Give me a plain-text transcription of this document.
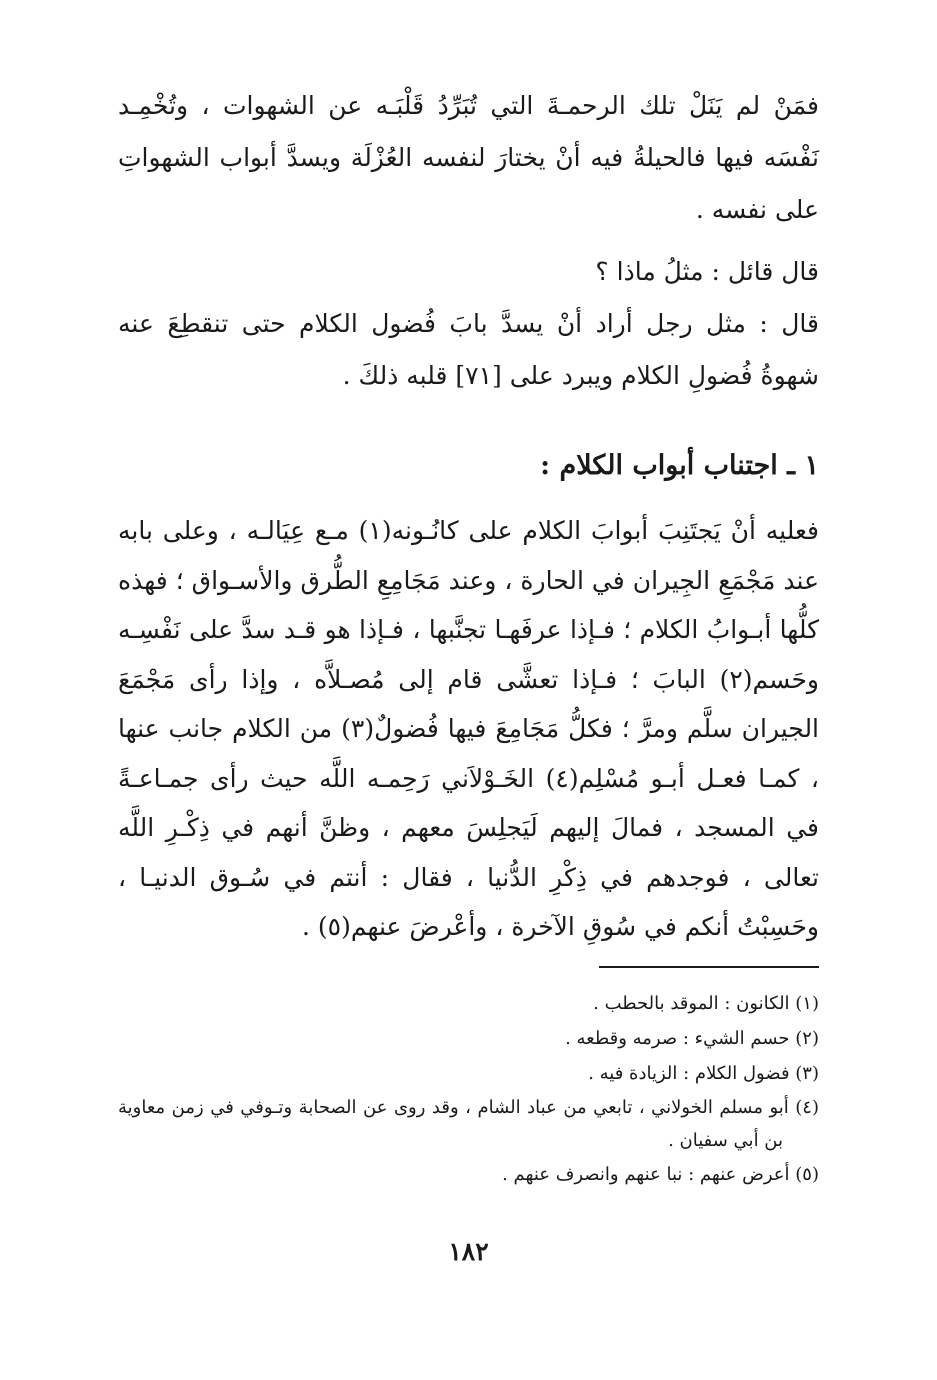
فمَنْ لم يَنَلْ تلك الرحمـةَ التي تُبَرِّدُ قَلْبَـه عن الشهوات ، وتُخْمِـد نَفْسَه فيها فالحيلةُ فيه أنْ يختارَ لنفسه العُزْلَة ويسدَّ أبواب الشهواتِ على نفسه .

قال قائل : مثلُ ماذا ؟

قال : مثل رجل أراد أنْ يسدَّ بابَ فُضول الكلام حتى تنقطِعَ عنه شهوةُ فُضولِ الكلام ويبرد على [٧١] قلبه ذلكَ .

١ ـ اجتناب أبواب الكلام :

فعليه أنْ يَجتَنِبَ أبوابَ الكلام على كانُـونه(١) مـع عِيَالـه ، وعلى بابه عند مَجْمَعِ الجِيران في الحارة ، وعند مَجَامِعِ الطُّرق والأسـواق ؛ فهذه كلُّها أبـوابُ الكلام ؛ فـإذا عرفَهـا تجنَّبها ، فـإذا هو قـد سدَّ على نَفْسِـه وحَسم(٢) البابَ ؛ فـإذا تعشَّى قام إلى مُصـلاَّه ، وإذا رأى مَجْمَعَ الجيران سلَّم ومرَّ ؛ فكلُّ مَجَامِعَ فيها فُضولٌ(٣) من الكلام جانب عنها ، كمـا فعـل أبـو مُسْلِم(٤) الخَـوْلاَني رَحِمـه اللَّه حيث رأى جمـاعـةً في المسجد ، فمالَ إليهم لَيَجلِسَ معهم ، وظنَّ أنهم في ذِكْـرِ اللَّه تعالى ، فوجدهم في ذِكْرِ الدُّنيا ، فقال : أنتم في سُـوق الدنيـا ، وحَسِبْتُ أنكم في سُوقِ الآخرة ، وأعْرضَ عنهم(٥) .

(١) الكانون : الموقد بالحطب .
(٢) حسم الشيء : صرمه وقطعه .
(٣) فضول الكلام : الزيادة فيه .
(٤) أبو مسلم الخولاني ، تابعي من عباد الشام ، وقد روى عن الصحابة وتـوفي في زمن معاوية بن أبي سفيان .
(٥) أعرض عنهم : نبا عنهم وانصرف عنهم .
١٨٢
